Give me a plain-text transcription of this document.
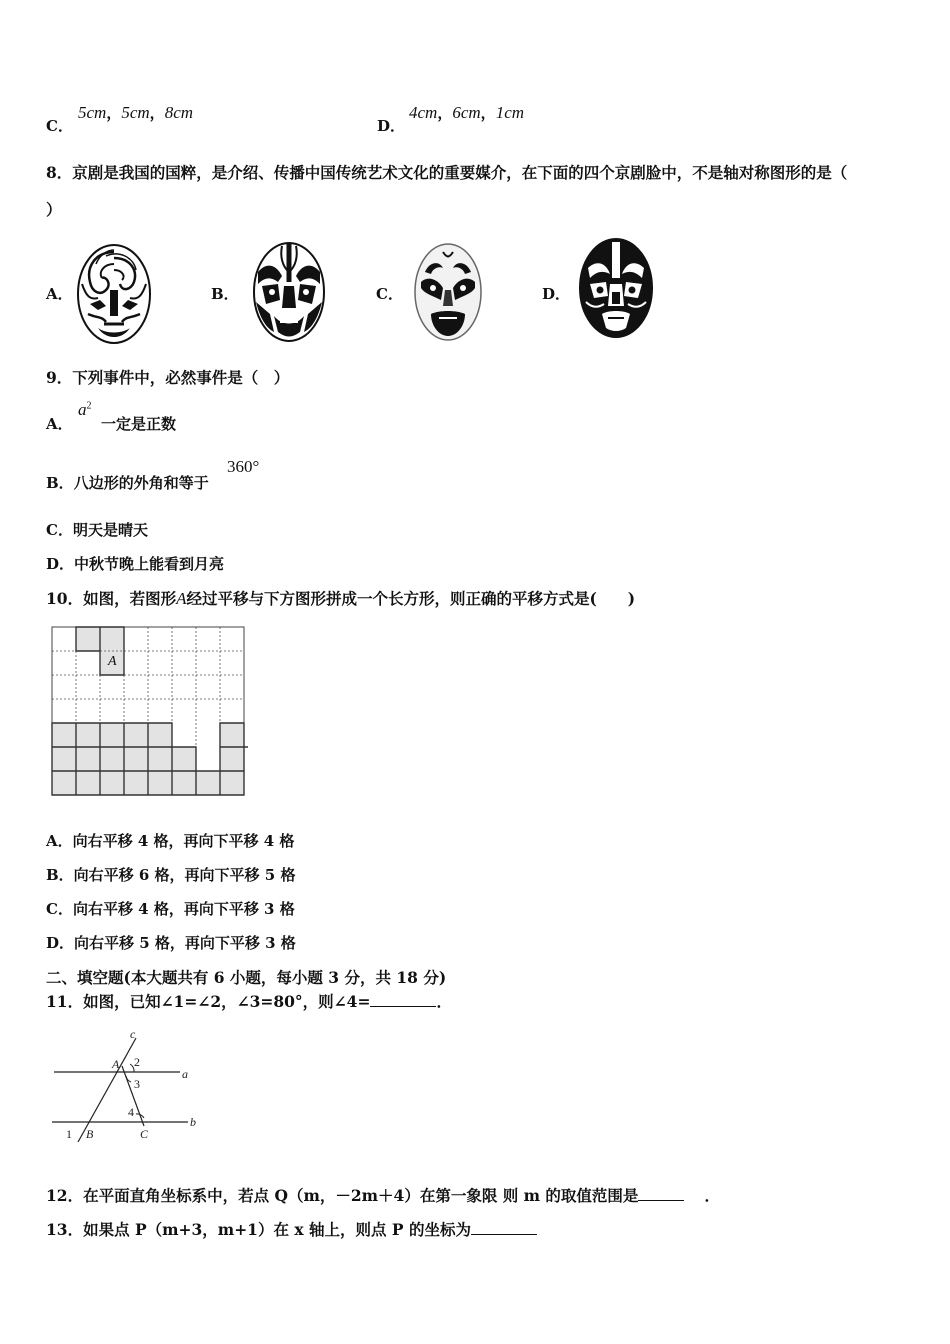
C．
5cm，5cm，8cm
D．
4cm，6cm，1cm
8．京剧是我国的国粹，是介绍、传播中国传统艺术文化的重要媒介，在下面的四个京剧脸中，不是轴对称图形的是（
）
A．	B．	C．	D．
9．下列事件中，必然事件是（　）
A．
$a^2$
一定是正数
B．八边形的外角和等于
360°
C．明天是晴天
D．中秋节晚上能看到月亮
10．如图，若图形A经过平移与下方图形拼成一个长方形，则正确的平移方式是(　　)
A
A．向右平移 4 格，再向下平移 4 格
B．向右平移 6 格，再向下平移 5 格
C．向右平移 4 格，再向下平移 3 格
D．向右平移 5 格，再向下平移 3 格
二、填空题(本大题共有 6 小题，每小题 3 分，共 18 分)
11．如图，已知∠1=∠2，∠3=80°，则∠4=	．
c
a
b
A
B	C
1
2
3
4
12．在平面直角坐标系中，若点 Q（m，－2m＋4）在第一象限 则 m 的取值范围是	．
13．如果点 P（m+3，m+1）在 x 轴上，则点 P 的坐标为
